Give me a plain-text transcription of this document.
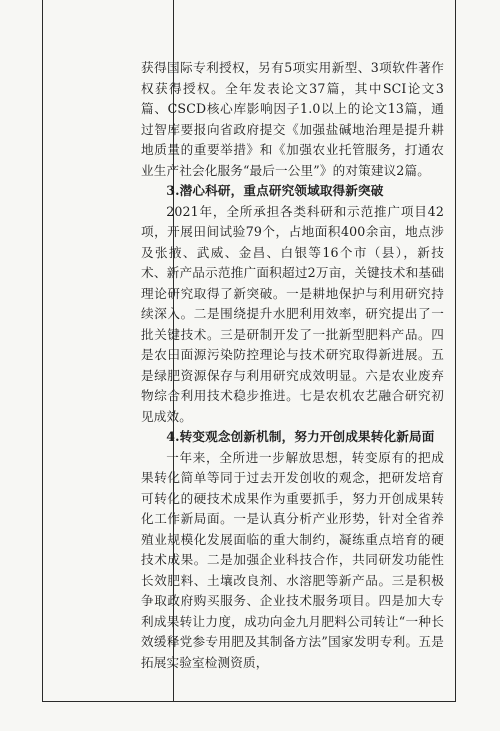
获得国际专利授权，另有5项实用新型、3项软件著作权获得授权。全年发表论文37篇，其中SCI论文3篇、CSCD核心库影响因子1.0以上的论文13篇，通过智库要报向省政府提交《加强盐碱地治理是提升耕地质量的重要举措》和《加强农业托管服务，打通农业生产社会化服务“最后一公里”》的对策建议2篇。

3.潜心科研，重点研究领域取得新突破

2021年，全所承担各类科研和示范推广项目42项，开展田间试验79个，占地面积400余亩，地点涉及张掖、武威、金昌、白银等16个市（县），新技术、新产品示范推广面积超过2万亩，关键技术和基础理论研究取得了新突破。一是耕地保护与利用研究持续深入。二是围绕提升水肥利用效率，研究提出了一批关键技术。三是研制开发了一批新型肥料产品。四是农田面源污染防控理论与技术研究取得新进展。五是绿肥资源保存与利用研究成效明显。六是农业废弃物综合利用技术稳步推进。七是农机农艺融合研究初见成效。

4.转变观念创新机制，努力开创成果转化新局面

一年来，全所进一步解放思想，转变原有的把成果转化简单等同于过去开发创收的观念，把研发培育可转化的硬技术成果作为重要抓手，努力开创成果转化工作新局面。一是认真分析产业形势，针对全省养殖业规模化发展面临的重大制约，凝练重点培育的硬技术成果。二是加强企业科技合作，共同研发功能性长效肥料、土壤改良剂、水溶肥等新产品。三是积极争取政府购买服务、企业技术服务项目。四是加大专利成果转让力度，成功向金九月肥料公司转让“一种长效缓释党参专用肥及其制备方法”国家发明专利。五是拓展实验室检测资质，
